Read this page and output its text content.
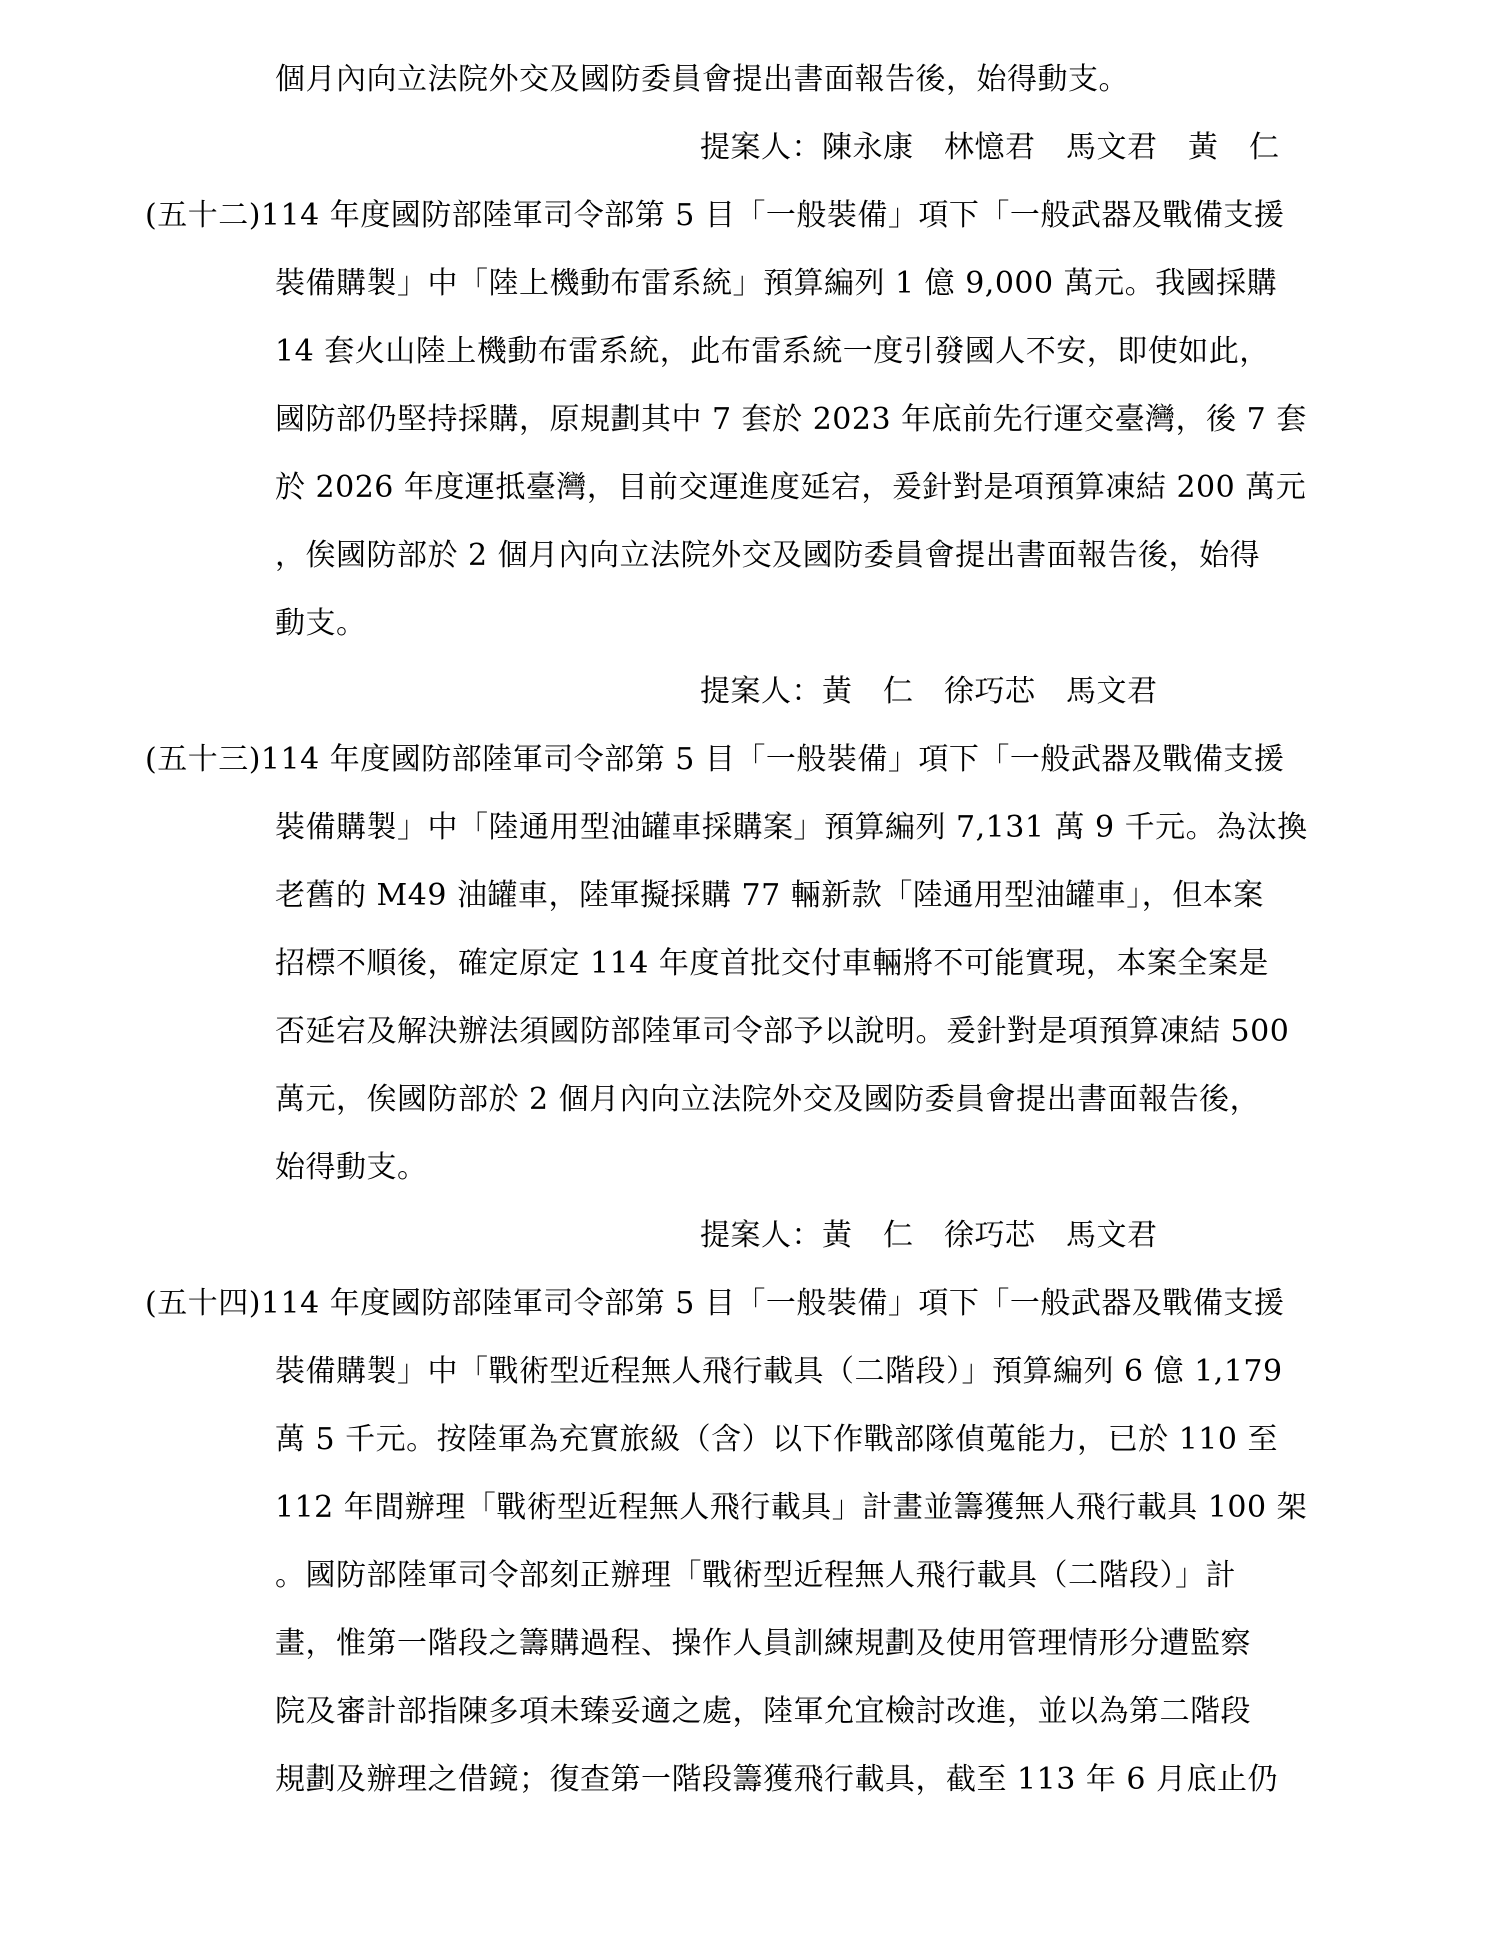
個月內向立法院外交及國防委員會提出書面報告後，始得動支。
提案人：陳永康　林憶君　馬文君　黃　仁
(五十二)114 年度國防部陸軍司令部第 5 目「一般裝備」項下「一般武器及戰備支援
裝備購製」中「陸上機動布雷系統」預算編列 1 億 9,000 萬元。我國採購
14 套火山陸上機動布雷系統，此布雷系統一度引發國人不安，即使如此，
國防部仍堅持採購，原規劃其中 7 套於 2023 年底前先行運交臺灣，後 7 套
於 2026 年度運抵臺灣，目前交運進度延宕，爰針對是項預算凍結 200 萬元
，俟國防部於 2 個月內向立法院外交及國防委員會提出書面報告後，始得
動支。
提案人：黃　仁　徐巧芯　馬文君
(五十三)114 年度國防部陸軍司令部第 5 目「一般裝備」項下「一般武器及戰備支援
裝備購製」中「陸通用型油罐車採購案」預算編列 7,131 萬 9 千元。為汰換
老舊的 M49 油罐車，陸軍擬採購 77 輛新款「陸通用型油罐車」，但本案
招標不順後，確定原定 114 年度首批交付車輛將不可能實現，本案全案是
否延宕及解決辦法須國防部陸軍司令部予以說明。爰針對是項預算凍結 500
萬元，俟國防部於 2 個月內向立法院外交及國防委員會提出書面報告後，
始得動支。
提案人：黃　仁　徐巧芯　馬文君
(五十四)114 年度國防部陸軍司令部第 5 目「一般裝備」項下「一般武器及戰備支援
裝備購製」中「戰術型近程無人飛行載具（二階段）」預算編列 6 億 1,179
萬 5 千元。按陸軍為充實旅級（含）以下作戰部隊偵蒐能力，已於 110 至
112 年間辦理「戰術型近程無人飛行載具」計畫並籌獲無人飛行載具 100 架
。國防部陸軍司令部刻正辦理「戰術型近程無人飛行載具（二階段）」計
畫，惟第一階段之籌購過程、操作人員訓練規劃及使用管理情形分遭監察
院及審計部指陳多項未臻妥適之處，陸軍允宜檢討改進，並以為第二階段
規劃及辦理之借鏡；復查第一階段籌獲飛行載具，截至 113 年 6 月底止仍
